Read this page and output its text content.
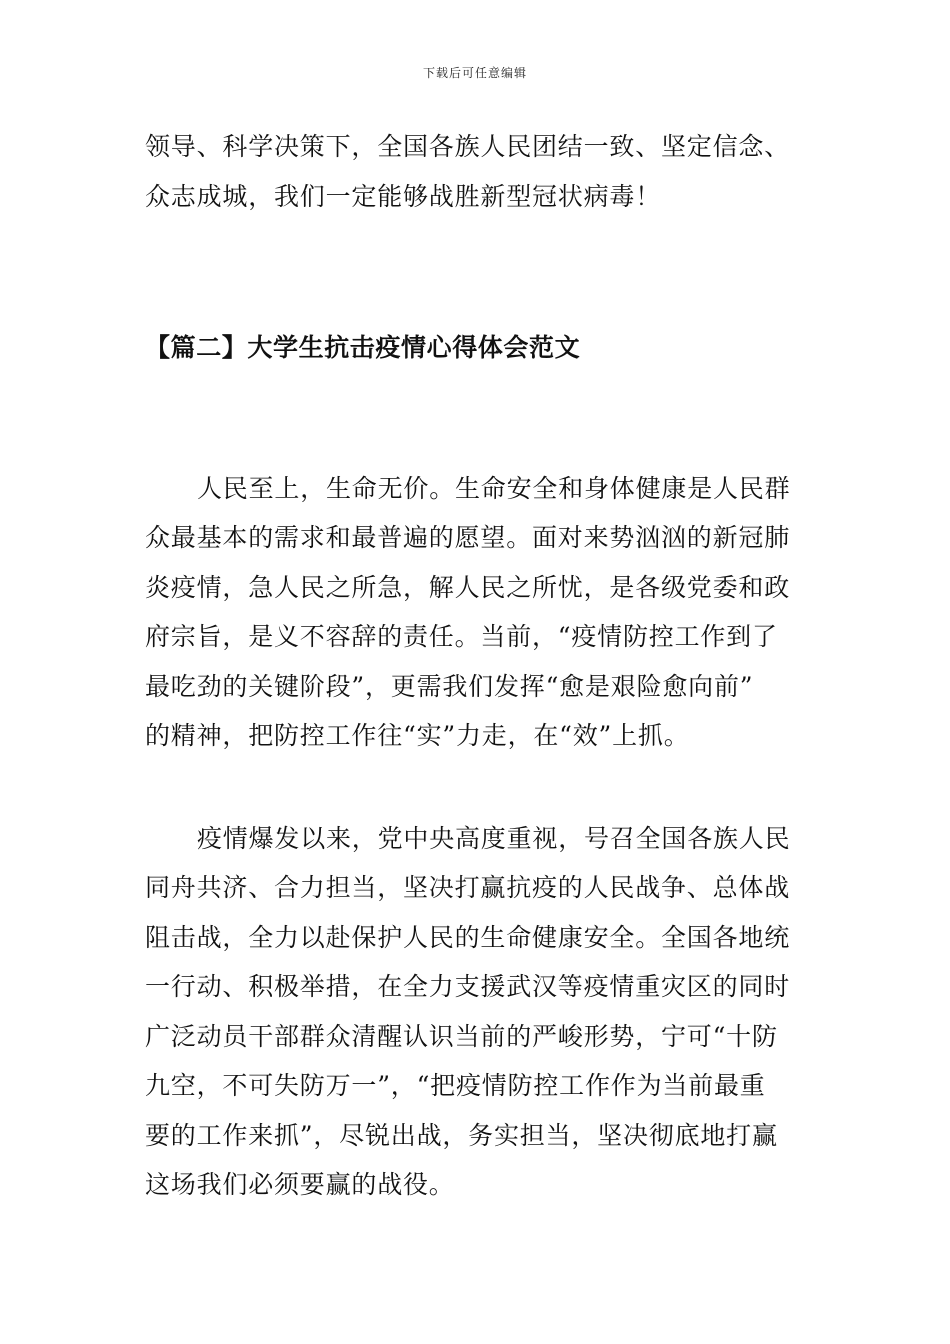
下载后可任意编辑

领导、科学决策下，全国各族人民团结一致、坚定信念、
众志成城，我们一定能够战胜新型冠状病毒！

【篇二】大学生抗击疫情心得体会范文

人民至上，生命无价。生命安全和身体健康是人民群
众最基本的需求和最普遍的愿望。面对来势汹汹的新冠肺
炎疫情，急人民之所急，解人民之所忧，是各级党委和政
府宗旨，是义不容辞的责任。当前，“疫情防控工作到了
最吃劲的关键阶段”，更需我们发挥“愈是艰险愈向前”
的精神，把防控工作往“实”力走，在“效”上抓。

疫情爆发以来，党中央高度重视，号召全国各族人民
同舟共济、合力担当，坚决打赢抗疫的人民战争、总体战
阻击战，全力以赴保护人民的生命健康安全。全国各地统
一行动、积极举措，在全力支援武汉等疫情重灾区的同时
广泛动员干部群众清醒认识当前的严峻形势，宁可“十防
九空，不可失防万一”，“把疫情防控工作作为当前最重
要的工作来抓”，尽锐出战，务实担当，坚决彻底地打赢
这场我们必须要赢的战役。
